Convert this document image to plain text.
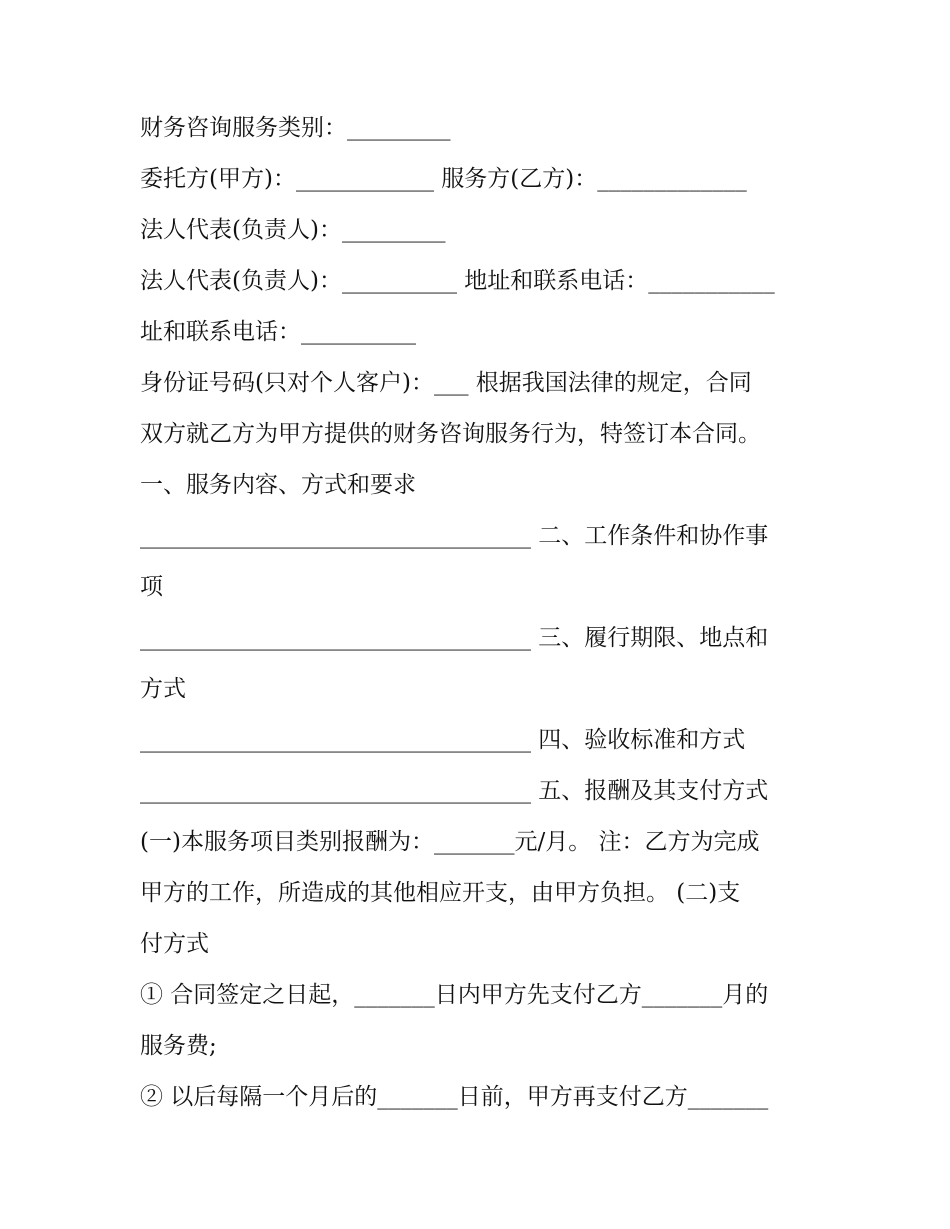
财务咨询服务类别：_________
委托方(甲方)：____________ 服务方(乙方)：_____________
法人代表(负责人)：_________
法人代表(负责人)：__________ 地址和联系电话：___________
址和联系电话：__________
身份证号码(只对个人客户)：___ 根据我国法律的规定，合同
双方就乙方为甲方提供的财务咨询服务行为，特签订本合同。
一、服务内容、方式和要求
__________________________________ 二、工作条件和协作事
项
__________________________________ 三、履行期限、地点和
方式
__________________________________ 四、验收标准和方式
__________________________________ 五、报酬及其支付方式
(一)本服务项目类别报酬为：_______元/月。 注：乙方为完成
甲方的工作，所造成的其他相应开支，由甲方负担。 (二)支
付方式
① 合同签定之日起，_______日内甲方先支付乙方_______月的
服务费;
② 以后每隔一个月后的_______日前，甲方再支付乙方_______
